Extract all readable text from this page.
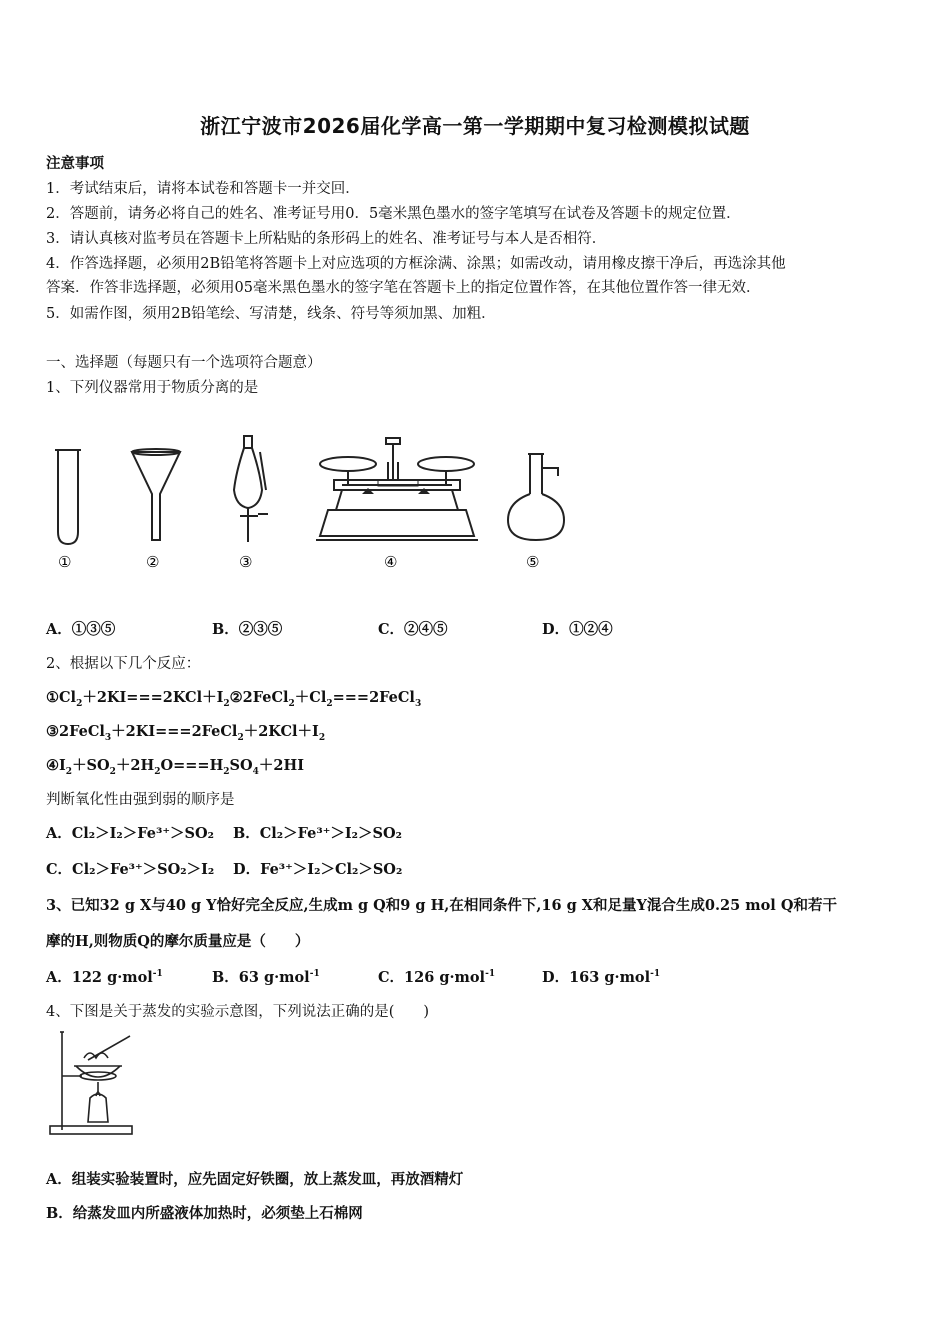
浙江宁波市2026届化学高一第一学期期中复习检测模拟试题
注意事项
1．考试结束后，请将本试卷和答题卡一并交回．
2．答题前，请务必将自己的姓名、准考证号用0．5毫米黑色墨水的签字笔填写在试卷及答题卡的规定位置．
3．请认真核对监考员在答题卡上所粘贴的条形码上的姓名、准考证号与本人是否相符．
4．作答选择题，必须用2B铅笔将答题卡上对应选项的方框涂满、涂黑；如需改动，请用橡皮擦干净后，再选涂其他
答案．作答非选择题，必须用05毫米黑色墨水的签字笔在答题卡上的指定位置作答，在其他位置作答一律无效．
5．如需作图，须用2B铅笔绘、写清楚，线条、符号等须加黑、加粗．
一、选择题（每题只有一个选项符合题意）
1、下列仪器常用于物质分离的是
①	②	③	④	⑤
A．①③⑤	B．②③⑤	C．②④⑤	D．①②④
2、根据以下几个反应：
$①Cl_2+2KI===2KCl+I_2②2FeCl_2+Cl_2===2FeCl_3$
$③2FeCl_3+2KI===2FeCl_2+2KCl+I_2$
$④I_2+SO_2+2H_2O===H_2SO_4+2HI$
判断氧化性由强到弱的顺序是
A．Cl₂＞I₂＞Fe³⁺＞SO₂ B．Cl₂＞Fe³⁺＞I₂＞SO₂
C．Cl₂＞Fe³⁺＞SO₂＞I₂ D．Fe³⁺＞I₂＞Cl₂＞SO₂
3、已知32 g X与40 g Y恰好完全反应,生成m g Q和9 g H,在相同条件下,16 g X和足量Y混合生成0.25 mol Q和若干
摩的H,则物质Q的摩尔质量应是（　　）
A．122 g·mol$^{-1}$	B．63 g·mol$^{-1}$	C．126 g·mol$^{-1}$	D．163 g·mol$^{-1}$
4、下图是关于蒸发的实验示意图，下列说法正确的是(　　)
A．组装实验装置时，应先固定好铁圈，放上蒸发皿，再放酒精灯
B．给蒸发皿内所盛液体加热时，必须垫上石棉网
